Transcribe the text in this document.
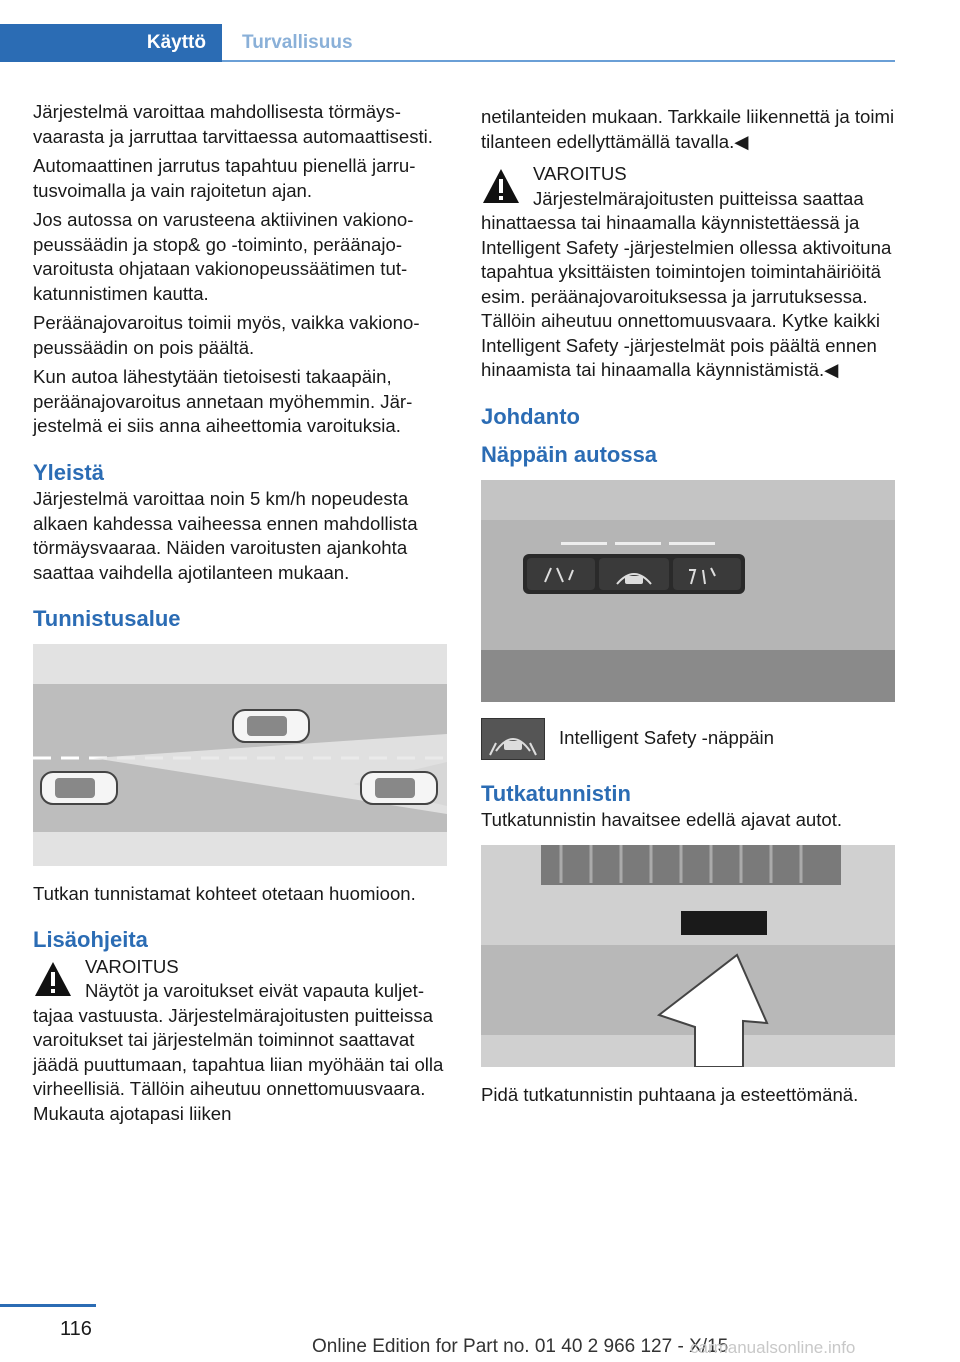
Käyttö Turvallisuus

Järjestelmä varoittaa mahdollisesta törmäysvaarasta ja jarruttaa tarvittaessa automaattisesti.

Automaattinen jarrutus tapahtuu pienellä jarrutusvoimalla ja vain rajoitetun ajan.

Jos autossa on varusteena aktiivinen vakionopeussäädin ja stop& go -toiminto, peräänajovaroitusta ohjataan vakionopeussäätimen tutkatunnistimen kautta.

Peräänajovaroitus toimii myös, vaikka vakionopeussäädin on pois päältä.

Kun autoa lähestytään tietoisesti takaapäin, peräänajovaroitus annetaan myöhemmin. Järjestelmä ei siis anna aiheettomia varoituksia.

Yleistä

Järjestelmä varoittaa noin 5 km/h nopeudesta alkaen kahdessa vaiheessa ennen mahdollista törmäysvaaraa. Näiden varoitusten ajankohta saattaa vaihdella ajotilanteen mukaan.

Tunnistusalue

Tutkan tunnistamat kohteet otetaan huomioon.

Lisäohjeita
VAROITUS
Näytöt ja varoitukset eivät vapauta kuljettajaa vastuusta. Järjestelmärajoitusten puitteissa varoitukset tai järjestelmän toiminnot saattavat jäädä puuttumaan, tapahtua liian myöhään tai olla virheellisiä. Tällöin aiheutuu onnettomuusvaara. Mukauta ajotapasi liiken

netilanteiden mukaan. Tarkkaile liikennettä ja toimi tilanteen edellyttämällä tavalla.◀

VAROITUS
Järjestelmärajoitusten puitteissa saattaa hinattaessa tai hinaamalla käynnistettäessä ja Intelligent Safety -järjestelmien ollessa aktivoituna tapahtua yksittäisten toimintojen toimintahäiriöitä esim. peräänajovaroituksessa ja jarrutuksessa. Tällöin aiheutuu onnettomuusvaara. Kytke kaikki Intelligent Safety -järjestelmät pois päältä ennen hinaamista tai hinaamalla käynnistämistä.◀
Johdanto
Näppäin autossa
Intelligent Safety -näppäin
Tutkatunnistin

Tutkatunnistin havaitsee edellä ajavat autot.

Pidä tutkatunnistin puhtaana ja esteettömänä.

116
Online Edition for Part no. 01 40 2 966 127 - X/15
carmanualsonline.info
